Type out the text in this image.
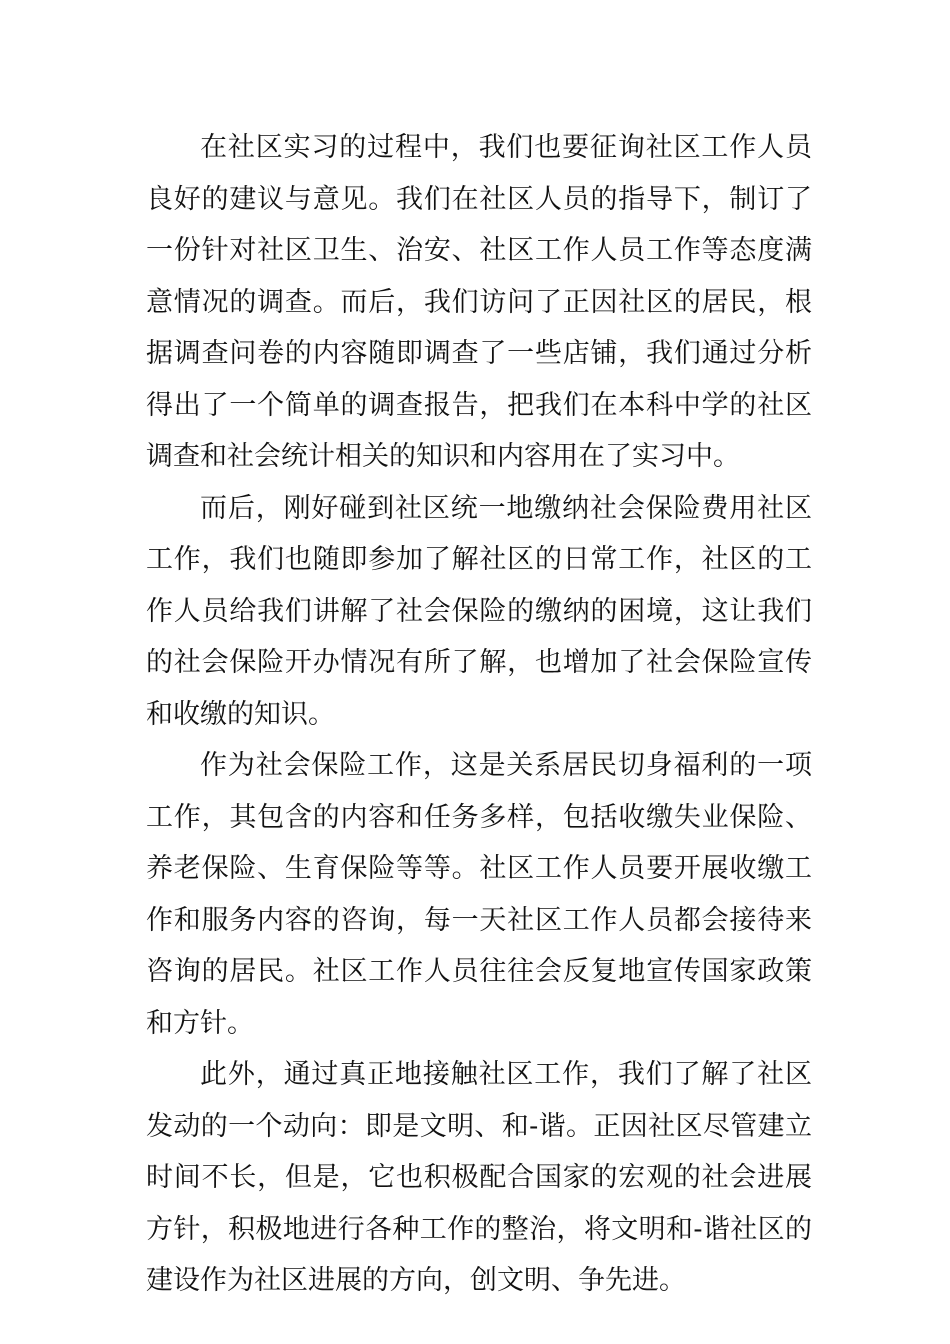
在社区实习的过程中，我们也要征询社区工作人员良好的建议与意见。我们在社区人员的指导下，制订了一份针对社区卫生、治安、社区工作人员工作等态度满意情况的调查。而后，我们访问了正因社区的居民，根据调查问卷的内容随即调查了一些店铺，我们通过分析得出了一个简单的调查报告，把我们在本科中学的社区调查和社会统计相关的知识和内容用在了实习中。

而后，刚好碰到社区统一地缴纳社会保险费用社区工作，我们也随即参加了解社区的日常工作，社区的工作人员给我们讲解了社会保险的缴纳的困境，这让我们的社会保险开办情况有所了解，也增加了社会保险宣传和收缴的知识。

作为社会保险工作，这是关系居民切身福利的一项工作，其包含的内容和任务多样，包括收缴失业保险、养老保险、生育保险等等。社区工作人员要开展收缴工作和服务内容的咨询，每一天社区工作人员都会接待来咨询的居民。社区工作人员往往会反复地宣传国家政策和方针。

此外，通过真正地接触社区工作，我们了解了社区发动的一个动向：即是文明、和-谐。正因社区尽管建立时间不长，但是，它也积极配合国家的宏观的社会进展方针，积极地进行各种工作的整治，将文明和-谐社区的建设作为社区进展的方向，创文明、争先进。
